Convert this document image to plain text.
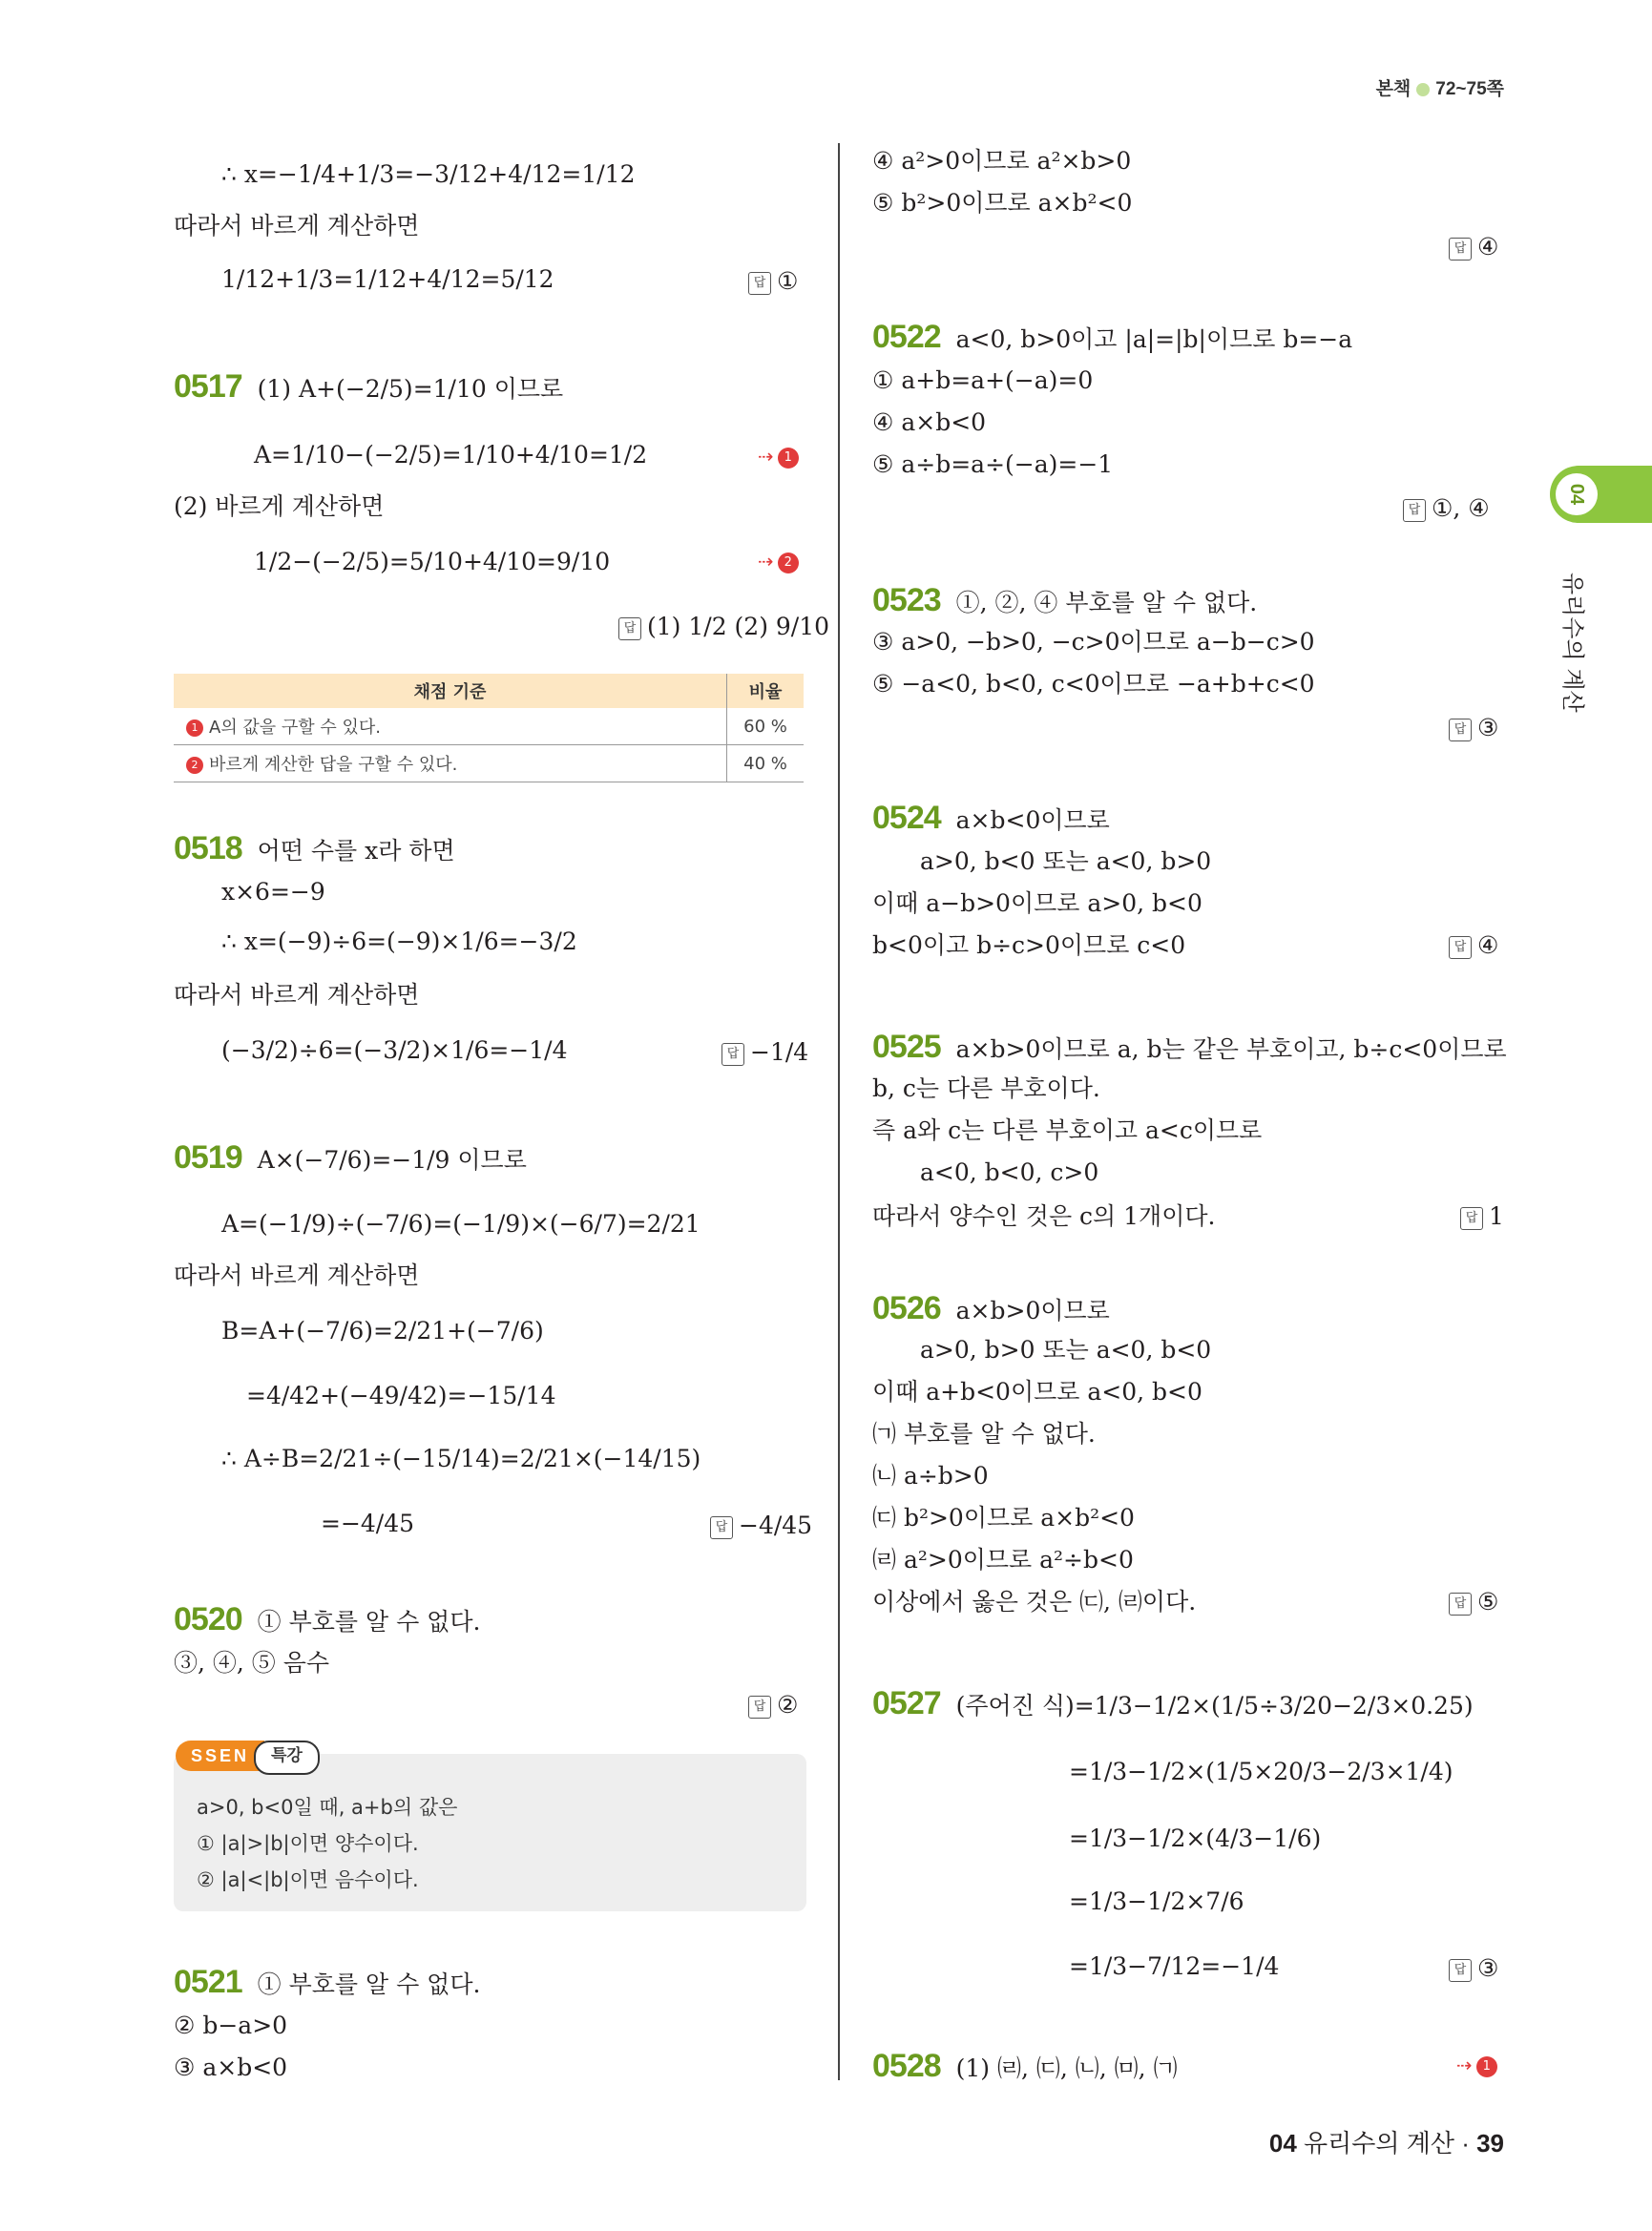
본책 72~75쪽
04
유리수의 계산
∴ x=−1/4+1/3=−3/12+4/12=1/12
따라서 바르게 계산하면
1/12+1/3=1/12+4/12=5/12	답 ①
0517 (1) A+(−2/5)=1/10 이므로
A=1/10−(−2/5)=1/10+4/10=1/2	⇢ 1
(2) 바르게 계산하면
1/2−(−2/5)=5/10+4/10=9/10	⇢ 2
답 (1) 1/2 (2) 9/10
채점 기준	비율
1 A의 값을 구할 수 있다.	60 %
2 바르게 계산한 답을 구할 수 있다.	40 %
0518 어떤 수를 x라 하면
x×6=−9
∴ x=(−9)÷6=(−9)×1/6=−3/2
따라서 바르게 계산하면
(−3/2)÷6=(−3/2)×1/6=−1/4	답 −1/4
0519 A×(−7/6)=−1/9 이므로
A=(−1/9)÷(−7/6)=(−1/9)×(−6/7)=2/21
따라서 바르게 계산하면
B=A+(−7/6)=2/21+(−7/6)
=4/42+(−49/42)=−15/14
∴ A÷B=2/21÷(−15/14)=2/21×(−14/15)
=−4/45	답 −4/45
0520 ① 부호를 알 수 없다.
③, ④, ⑤ 음수
답 ②
SSEN	특강
a>0, b<0일 때, a+b의 값은
① |a|>|b|이면 양수이다.
② |a|<|b|이면 음수이다.
0521 ① 부호를 알 수 없다.
② b−a>0
③ a×b<0
④ a²>0이므로 a²×b>0
⑤ b²>0이므로 a×b²<0
답 ④
0522 a<0, b>0이고 |a|=|b|이므로 b=−a
① a+b=a+(−a)=0
④ a×b<0
⑤ a÷b=a÷(−a)=−1
답 ①, ④
0523 ①, ②, ④ 부호를 알 수 없다.
③ a>0, −b>0, −c>0이므로 a−b−c>0
⑤ −a<0, b<0, c<0이므로 −a+b+c<0
답 ③
0524 a×b<0이므로
a>0, b<0 또는 a<0, b>0
이때 a−b>0이므로 a>0, b<0
b<0이고 b÷c>0이므로 c<0	답 ④
0525 a×b>0이므로 a, b는 같은 부호이고, b÷c<0이므로
b, c는 다른 부호이다.
즉 a와 c는 다른 부호이고 a<c이므로
a<0, b<0, c>0
따라서 양수인 것은 c의 1개이다.	답 1
0526 a×b>0이므로
a>0, b>0 또는 a<0, b<0
이때 a+b<0이므로 a<0, b<0
㈀ 부호를 알 수 없다.
㈁ a÷b>0
㈂ b²>0이므로 a×b²<0
㈃ a²>0이므로 a²÷b<0
이상에서 옳은 것은 ㈂, ㈃이다.	답 ⑤
0527 (주어진 식)=1/3−1/2×(1/5÷3/20−2/3×0.25)
=1/3−1/2×(1/5×20/3−2/3×1/4)
=1/3−1/2×(4/3−1/6)
=1/3−1/2×7/6
=1/3−7/12=−1/4	답 ③
0528 (1) ㈃, ㈂, ㈁, ㈄, ㈀	⇢ 1
04 유리수의 계산 · 39
